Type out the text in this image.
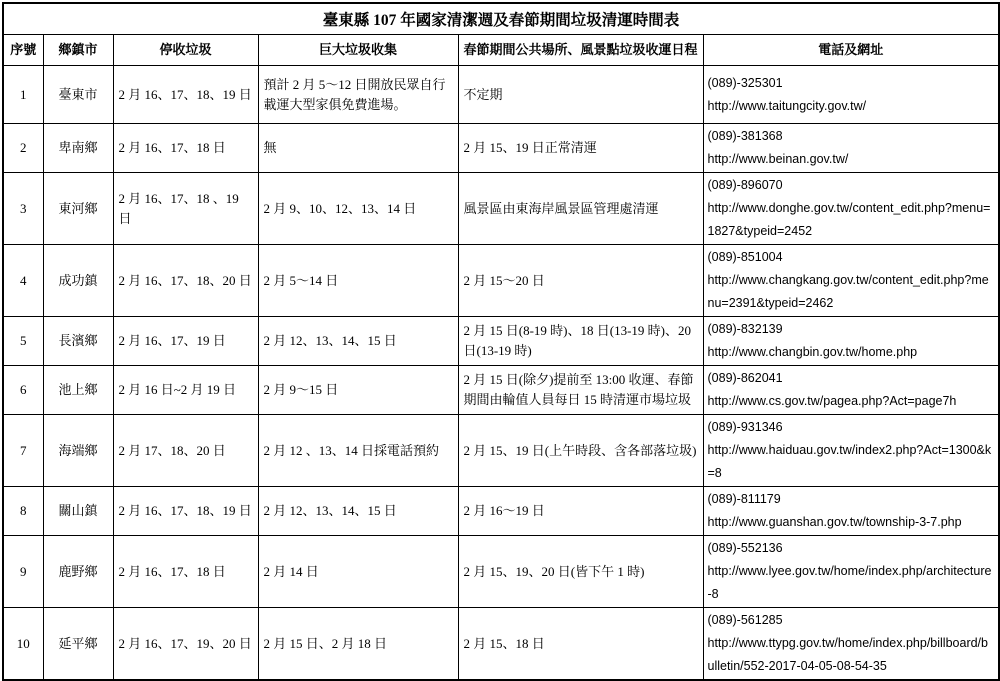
臺東縣 107 年國家清潔週及春節期間垃圾清運時間表					
序號	鄉鎮市	停收垃圾	巨大垃圾收集	春節期間公共場所、風景點垃圾收運日程	電話及網址
1	臺東市	2 月 16、17、18、19 日	預計 2 月 5～12 日開放民眾自行載運大型家俱免費進場。	不定期	(089)-325301
http://www.taitungcity.gov.tw/

2	卑南鄉	2 月 16、17、18 日	無	2 月 15、19 日正常清運	(089)-381368
http://www.beinan.gov.tw/

3	東河鄉	2 月 16、17、18 、19 日	2 月 9、10、12、13、14 日	風景區由東海岸風景區管理處清運	(089)-896070
http://www.donghe.gov.tw/content_edit.php?menu=1827&typeid=2452

4	成功鎮	2 月 16、17、18、20 日	2 月 5～14 日	2 月 15～20 日	(089)-851004
http://www.changkang.gov.tw/content_edit.php?menu=2391&typeid=2462

5	長濱鄉	2 月 16、17、19 日	2 月 12、13、14、15 日	2 月 15 日(8-19 時)、18 日(13-19 時)、20 日(13-19 時)	(089)-832139
http://www.changbin.gov.tw/home.php

6	池上鄉	2 月 16 日~2 月 19 日	2 月 9～15 日	2 月 15 日(除夕)提前至 13:00 收運、春節期間由輪值人員每日 15 時清運市場垃圾	(089)-862041
http://www.cs.gov.tw/pagea.php?Act=page7h

7	海端鄉	2 月 17、18、20 日	2 月 12 、13、14 日採電話預約	2 月 15、19 日(上午時段、含各部落垃圾)	(089)-931346
http://www.haiduau.gov.tw/index2.php?Act=1300&k=8

8	關山鎮	2 月 16、17、18、19 日	2 月 12、13、14、15 日	2 月 16～19 日	(089)-811179
http://www.guanshan.gov.tw/township-3-7.php

9	鹿野鄉	2 月 16、17、18 日	2 月 14 日	2 月 15、19、20 日(皆下午 1 時)	(089)-552136
http://www.lyee.gov.tw/home/index.php/architecture-8

10	延平鄉	2 月 16、17、19、20 日	2 月 15 日、2 月 18 日	2 月 15、18 日	(089)-561285
http://www.ttypg.gov.tw/home/index.php/billboard/bulletin/552-2017-04-05-08-54-35
